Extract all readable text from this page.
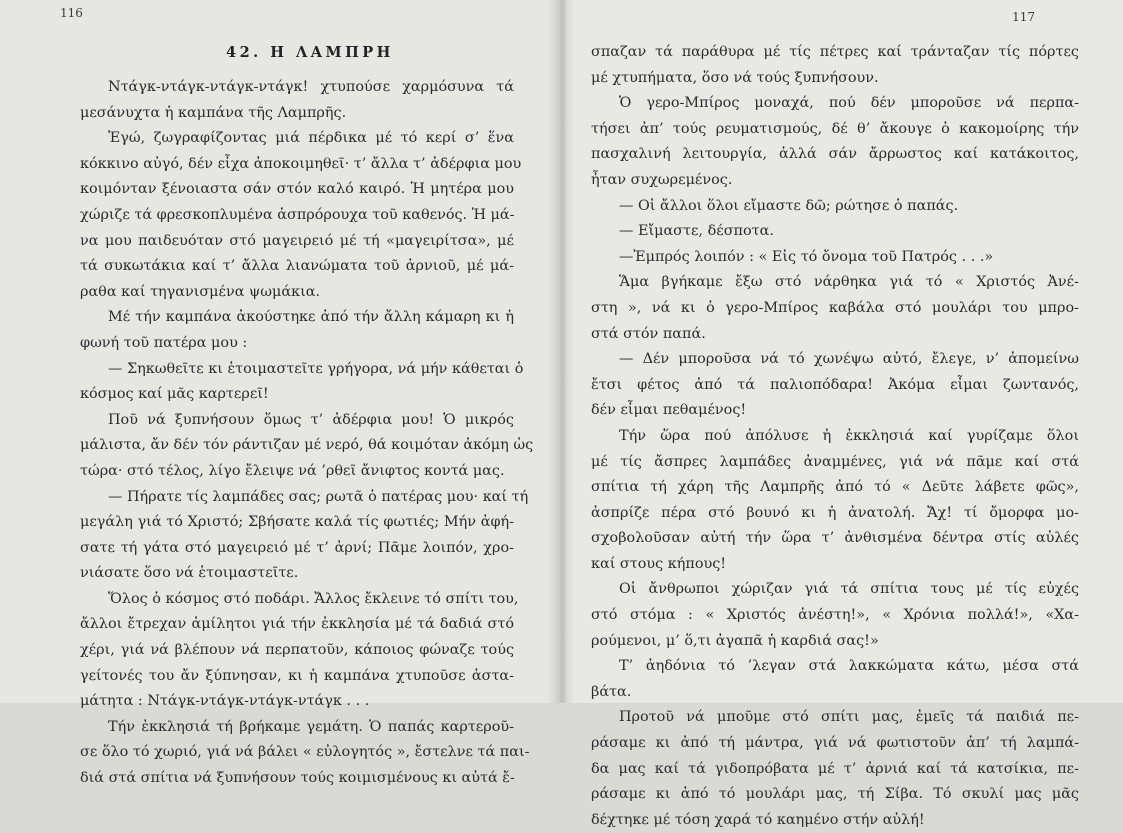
116
42. Η ΛΑΜΠΡΗ
Ντάγκ-ντάγκ-ντάγκ-ντάγκ! χτυπούσε χαρμόσυνα τά
μεσάνυχτα ἡ καμπάνα τῆς Λαμπρῆς.
Ἐγώ, ζωγραφίζοντας μιά πέρδικα μέ τό κερί σ’ ἕνα
κόκκινο αὐγό, δέν εἶχα ἀποκοιμηθεῖ· τ’ ἄλλα τ’ ἀδέρφια μου
κοιμόνταν ξένοιαστα σάν στόν καλό καιρό. Ἡ μητέρα μου
χώριζε τά φρεσκοπλυμένα ἀσπρόρουχα τοῦ καθενός. Ἡ μά-
να μου παιδευόταν στό μαγειρειό μέ τή «μαγειρίτσα», μέ
τά συκωτάκια καί τ’ ἄλλα λιανώματα τοῦ ἀρνιοῦ, μέ μά-
ραθα καί τηγανισμένα ψωμάκια.
Μέ τήν καμπάνα ἀκούστηκε ἀπό τήν ἄλλη κάμαρη κι ἡ
φωνή τοῦ πατέρα μου :
— Σηκωθεῖτε κι ἑτοιμαστεῖτε γρήγορα, νά μήν κάθεται ὁ
κόσμος καί μᾶς καρτερεῖ!
Ποῦ νά ξυπνήσουν ὅμως τ’ ἀδέρφια μου! Ὁ μικρός
μάλιστα, ἄν δέν τόν ράντιζαν μέ νερό, θά κοιμόταν ἀκόμη ὡς
τώρα· στό τέλος, λίγο ἔλειψε νά ’ρθεῖ ἄνιφτος κοντά μας.
— Πήρατε τίς λαμπάδες σας; ρωτᾶ ὁ πατέρας μου· καί τή
μεγάλη γιά τό Χριστό; Σβήσατε καλά τίς φωτιές; Μήν ἀφή-
σατε τή γάτα στό μαγειρειό μέ τ’ ἀρνί; Πᾶμε λοιπόν, χρο-
νιάσατε ὅσο νά ἑτοιμαστεῖτε.
Ὅλος ὁ κόσμος στό ποδάρι. Ἄλλος ἔκλεινε τό σπίτι του,
ἄλλοι ἔτρεχαν ἀμίλητοι γιά τήν ἐκκλησία μέ τά δαδιά στό
χέρι, γιά νά βλέπουν νά περπατοῦν, κάποιος φώναζε τούς
γείτονές του ἄν ξύπνησαν, κι ἡ καμπάνα χτυποῦσε ἀστα-
μάτητα : Ντάγκ-ντάγκ-ντάγκ-ντάγκ . . .
Τήν ἐκκλησιά τή βρήκαμε γεμάτη. Ὁ παπάς καρτεροῦ-
σε ὅλο τό χωριό, γιά νά βάλει « εὐλογητός », ἔστελνε τά παι-
διά στά σπίτια νά ξυπνήσουν τούς κοιμισμένους κι αὐτά ἔ-
117
σπαζαν τά παράθυρα μέ τίς πέτρες καί τράνταζαν τίς πόρτες
μέ χτυπήματα, ὅσο νά τούς ξυπνήσουν.
Ὁ γερο-Μπίρος μοναχά, πού δέν μποροῦσε νά περπα-
τήσει ἀπ’ τούς ρευματισμούς, δέ θ’ ἄκουγε ὁ κακομοίρης τήν
πασχαλινή λειτουργία, ἀλλά σάν ἄρρωστος καί κατάκοιτος,
ἦταν συχωρεμένος.
— Οἱ ἄλλοι ὅλοι εἴμαστε δῶ; ρώτησε ὁ παπάς.
— Εἴμαστε, δέσποτα.
—Ἐμπρός λοιπόν : « Εἰς τό ὄνομα τοῦ Πατρός . . .»
Ἅμα βγήκαμε ἔξω στό νάρθηκα γιά τό « Χριστός Ἀνέ-
στη », νά κι ὁ γερο-Μπίρος καβάλα στό μουλάρι του μπρο-
στά στόν παπά.
— Δέν μποροῦσα νά τό χωνέψω αὐτό, ἔλεγε, ν’ ἀπομείνω
ἔτσι φέτος ἀπό τά παλιοπόδαρα! Ἀκόμα εἶμαι ζωντανός,
δέν εἶμαι πεθαμένος!
Τήν ὥρα πού ἀπόλυσε ἡ ἐκκλησιά καί γυρίζαμε ὅλοι
μέ τίς ἄσπρες λαμπάδες ἀναμμένες, γιά νά πᾶμε καί στά
σπίτια τή χάρη τῆς Λαμπρῆς ἀπό τό « Δεῦτε λάβετε φῶς»,
ἀσπρίζε πέρα στό βουνό κι ἡ ἀνατολή. Ἄχ! τί ὄμορφα μο-
σχοβολοῦσαν αὐτή τήν ὥρα τ’ ἀνθισμένα δέντρα στίς αὐλές
καί στους κήπους!
Οἱ ἄνθρωποι χώριζαν γιά τά σπίτια τους μέ τίς εὐχές
στό στόμα : « Χριστός ἀνέστη!», « Χρόνια πολλά!», «Χα-
ρούμενοι, μ’ ὅ,τι ἀγαπᾶ ἡ καρδιά σας!»
Τ’ ἀηδόνια τό ’λεγαν στά λακκώματα κάτω, μέσα στά
βάτα.
Προτοῦ νά μποῦμε στό σπίτι μας, ἐμεῖς τά παιδιά πε-
ράσαμε κι ἀπό τή μάντρα, γιά νά φωτιστοῦν ἀπ’ τή λαμπά-
δα μας καί τά γιδοπρόβατα μέ τ’ ἀρνιά καί τά κατσίκια, πε-
ράσαμε κι ἀπό τό μουλάρι μας, τή Σίβα. Τό σκυλί μας μᾶς
δέχτηκε μέ τόση χαρά τό καημένο στήν αὐλή!
